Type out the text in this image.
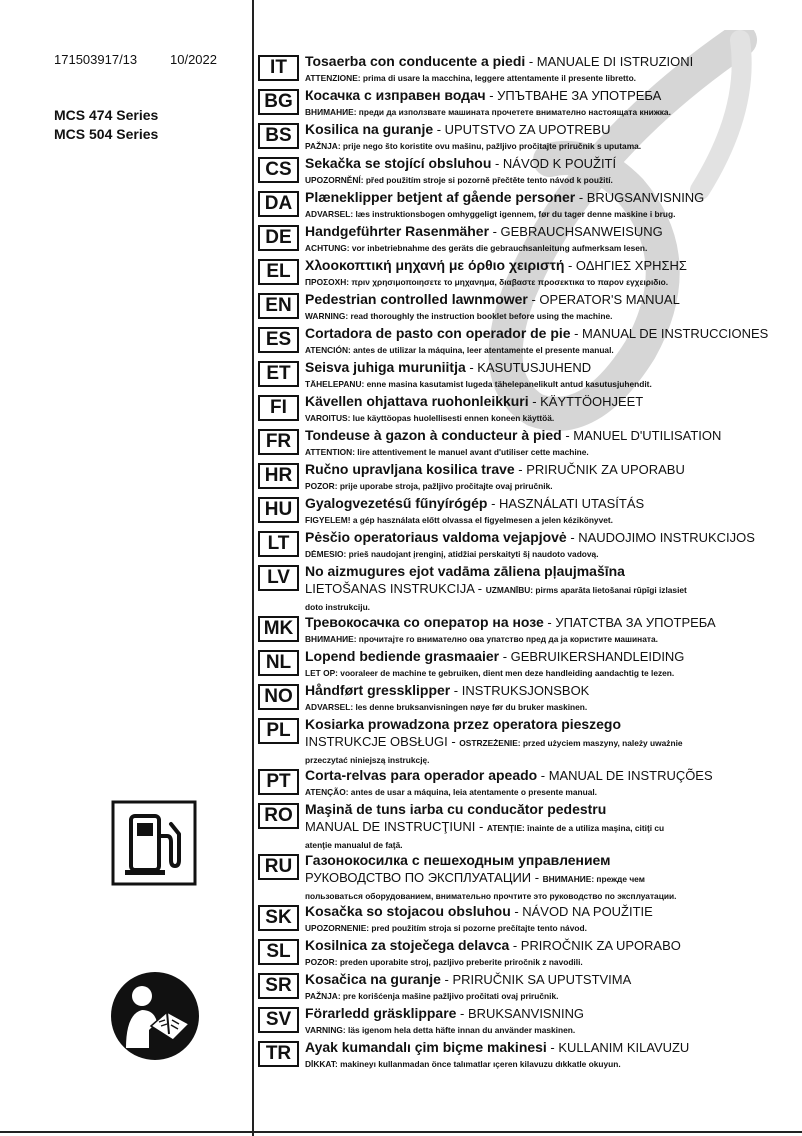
171503917/13	10/2022
MCS 474 Series
MCS 504 Series
IT	Tosaerba con conducente a piedi - MANUALE DI ISTRUZIONI
ATTENZIONE: prima di usare la macchina, leggere attentamente il presente libretto.
BG Косачка с изправен водач - УПЪТВАНЕ ЗА УПОТРЕБА
ВНИМАНИЕ: преди да използвате машината прочетете внимателно настоящата книжка.
BS Kosilica na guranje - UPUTSTVO ZA UPOTREBU
PAŽNJA: prije nego što koristite ovu mašinu, pažljivo pročitajte priručnik s uputama.
CS Sekačka se stojící obsluhou - NÁVOD K POUŽITÍ
UPOZORNĚNÍ: před použitím stroje si pozorně přečtěte tento návod k použití.
DA Plæneklipper betjent af gående personer - BRUGSANVISNING
ADVARSEL: læs instruktionsbogen omhyggeligt igennem, før du tager denne maskine i brug.
DE Handgeführter Rasenmäher - GEBRAUCHSANWEISUNG
ACHTUNG: vor inbetriebnahme des geräts die gebrauchsanleitung aufmerksam lesen.
EL	Χλοοκοπτική μηχανή με όρθιο χειριστή - ΟΔΗΓΙΕΣ ΧΡΗΣΗΣ
ΠΡΟΣΟΧΗ: πριν χρησιμοποιησετε το μηχανημα, διαβαστε προσεκτικα το παρον εγχειριδιο.
EN Pedestrian controlled lawnmower - OPERATOR'S MANUAL
WARNING: read thoroughly the instruction booklet before using the machine.
ES Cortadora de pasto con operador de pie - MANUAL DE INSTRUCCIONES
ATENCIÓN: antes de utilizar la máquina, leer atentamente el presente manual.
ET	Seisva juhiga muruniitja - KASUTUSJUHEND
TÄHELEPANU: enne masina kasutamist lugeda tähelepanelikult antud kasutusjuhendit.
FI	Kävellen ohjattava ruohonleikkuri - KÄYTTÖOHJEET
VAROITUS: lue käyttöopas huolellisesti ennen koneen käyttöä.
FR Tondeuse à gazon à conducteur à pied - MANUEL D'UTILISATION
ATTENTION: lire attentivement le manuel avant d'utiliser cette machine.
HR Ručno upravljana kosilica trave - PRIRUČNIK ZA UPORABU
POZOR: prije uporabe stroja, pažljivo pročitajte ovaj priručnik.
HU Gyalogvezetésű fűnyírógép - HASZNÁLATI UTASÍTÁS
FIGYELEM! a gép használata előtt olvassa el figyelmesen a jelen kézikönyvet.
LT	Pėsčio operatoriaus valdoma vejapjovė - NAUDOJIMO INSTRUKCIJOS
DĖMESIO: prieš naudojant įrenginį, atidžiai perskaityti šį naudoto vadovą.
LV	No aizmugures ejot vadāma zāliena pļaujmašīna
LIETOŠANAS INSTRUKCIJA - UZMANĪBU: pirms aparāta lietošanai rūpīgi izlasiet
doto instrukciju.
MK Тревокосачка со оператор на нозе - УПАТСТВА ЗА УПОТРЕБА
ВНИМАНИЕ: прочитајте го внимателно ова упатство пред да ја користите машината.
NL Lopend bediende grasmaaier - GEBRUIKERSHANDLEIDING
LET OP: vooraleer de machine te gebruiken, dient men deze handleiding aandachtig te lezen.
NO Håndført gressklipper - INSTRUKSJONSBOK
ADVARSEL: les denne bruksanvisningen nøye før du bruker maskinen.
PL	Kosiarka prowadzona przez operatora pieszego
INSTRUKCJE OBSŁUGI - OSTRZEŻENIE: przed użyciem maszyny, należy uważnie
przeczytać niniejszą instrukcję.
PT	Corta-relvas para operador apeado - MANUAL DE INSTRUÇÕES
ATENÇÃO: antes de usar a máquina, leia atentamente o presente manual.
RO Maşină de tuns iarba cu conducător pedestru
MANUAL DE INSTRUCŢIUNI - ATENŢIE: înainte de a utiliza maşina, citiţi cu
atenţie manualul de faţă.
RU Газонокосилка с пешеходным управлением
РУКОВОДСТВО ПО ЭКСПЛУАТАЦИИ - ВНИМАНИЕ: прежде чем
пользоваться оборудованием, внимательно прочтите это руководство по эксплуатации.
SK Kosačka so stojacou obsluhou - NÁVOD NA POUŽITIE
UPOZORNENIE: pred použitím stroja si pozorne prečítajte tento návod.
SL	Kosilnica za stoječega delavca - PRIROČNIK ZA UPORABO
POZOR: preden uporabite stroj, pazljivo preberite priročnik z navodili.
SR Kosačica na guranje - PRIRUČNIK SA UPUTSTVIMA
PAŽNJA: pre korišćenja mašine pažljivo pročitati ovaj priručnik.
SV Förarledd gräsklippare - BRUKSANVISNING
VARNING: läs igenom hela detta häfte innan du använder maskinen.
TR Ayak kumandalı çim biçme makinesi - KULLANIM KILAVUZU
DİKKAT: makineyı kullanmadan önce talımatlar ıçeren kilavuzu dıkkatle okuyun.
